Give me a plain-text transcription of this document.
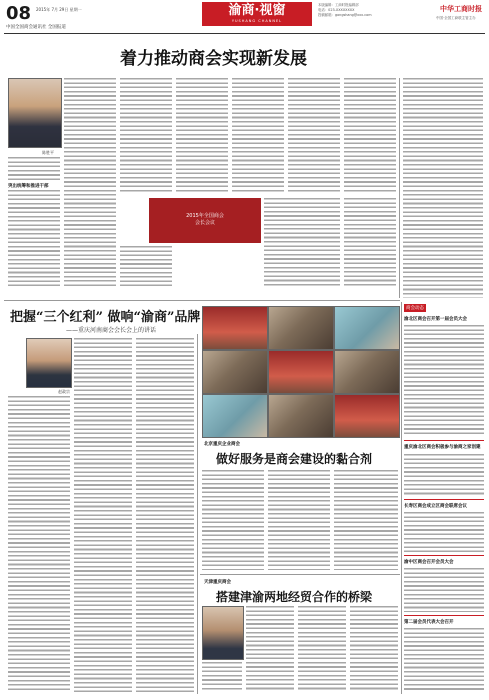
08 2015年 7月 29日 星期一
中国全国商会通讯社 全国报道
渝商·视窗
YUSHANG CHANNEL
本版编辑：工商时报编辑部
电话：023-XXXXXXXX
投稿邮箱：gongshang@xxx.com
中华工商时报
中国·全国工商联主管主办
着力推动商会实现新发展
陈胜平
突出统筹和推进干部
2015年全国商会
会长会议
把握“三个红利” 做响“渝商”品牌
——重庆河南商会会长会上的讲话
赵政宗
北京重庆企业商会
做好服务是商会建设的黏合剂
天津重庆商会
搭建津渝两地经贸合作的桥梁
商会动态
渝北区商会召开第一届会员大会
重庆渝北区商会积极参与渝商之家创建
长寿区商会成立区商会联席会议
渝中区商会召开会员大会
第二届会员代表大会召开
